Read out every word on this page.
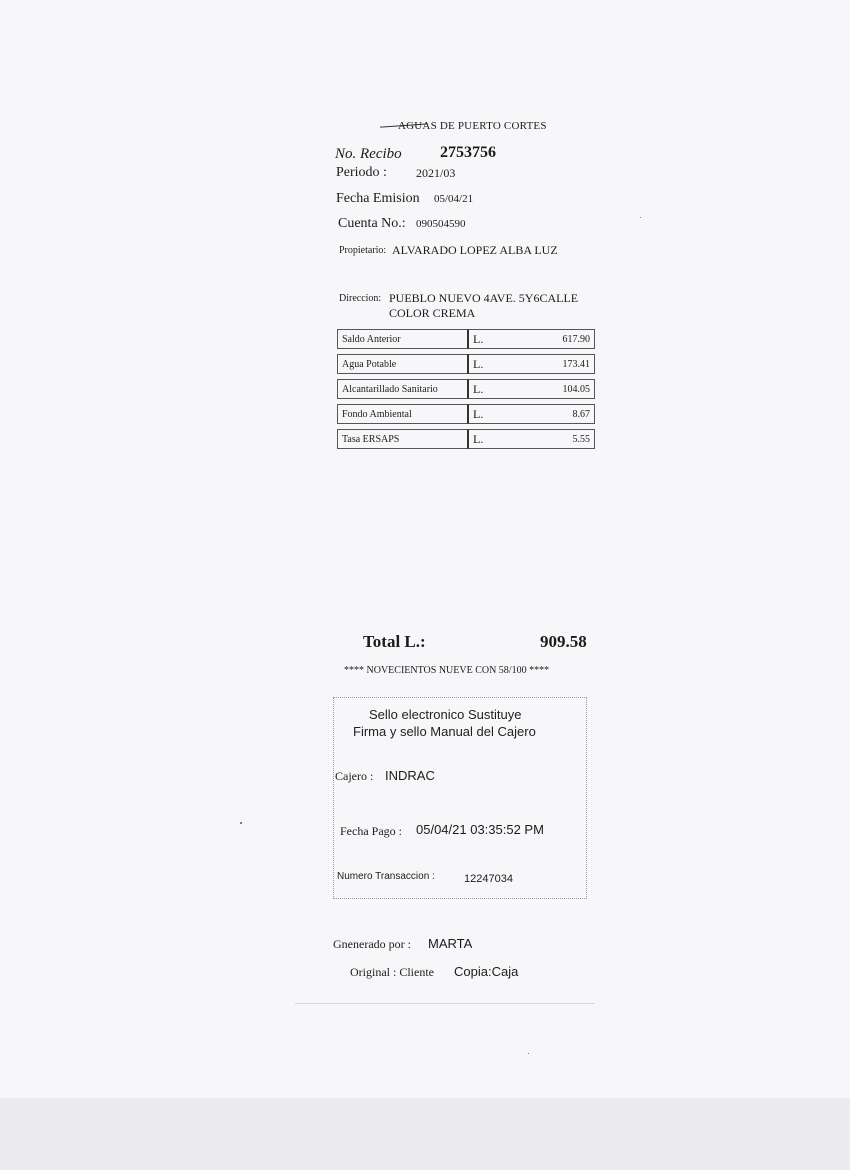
AGUAS DE PUERTO CORTES
No. Recibo 2753756
Periodo : 2021/03
Fecha Emision 05/04/21
Cuenta No.: 090504590
Propietario: ALVARADO LOPEZ ALBA LUZ
Direccion: PUEBLO NUEVO 4AVE. 5Y6CALLE
COLOR CREMA
Saldo Anterior	L.	617.90
Agua Potable	L.	173.41
Alcantarillado Sanitario	L.	104.05
Fondo Ambiental	L.	8.67
Tasa ERSAPS	L.	5.55
Total L.:	909.58
**** NOVECIENTOS NUEVE CON 58/100 ****
Sello electronico Sustituye
Firma y sello Manual del Cajero
Cajero : INDRAC
Fecha Pago : 05/04/21 03:35:52 PM
Numero Transaccion :	12247034
Gnenerado por : MARTA
Original : Cliente Copia:Caja
